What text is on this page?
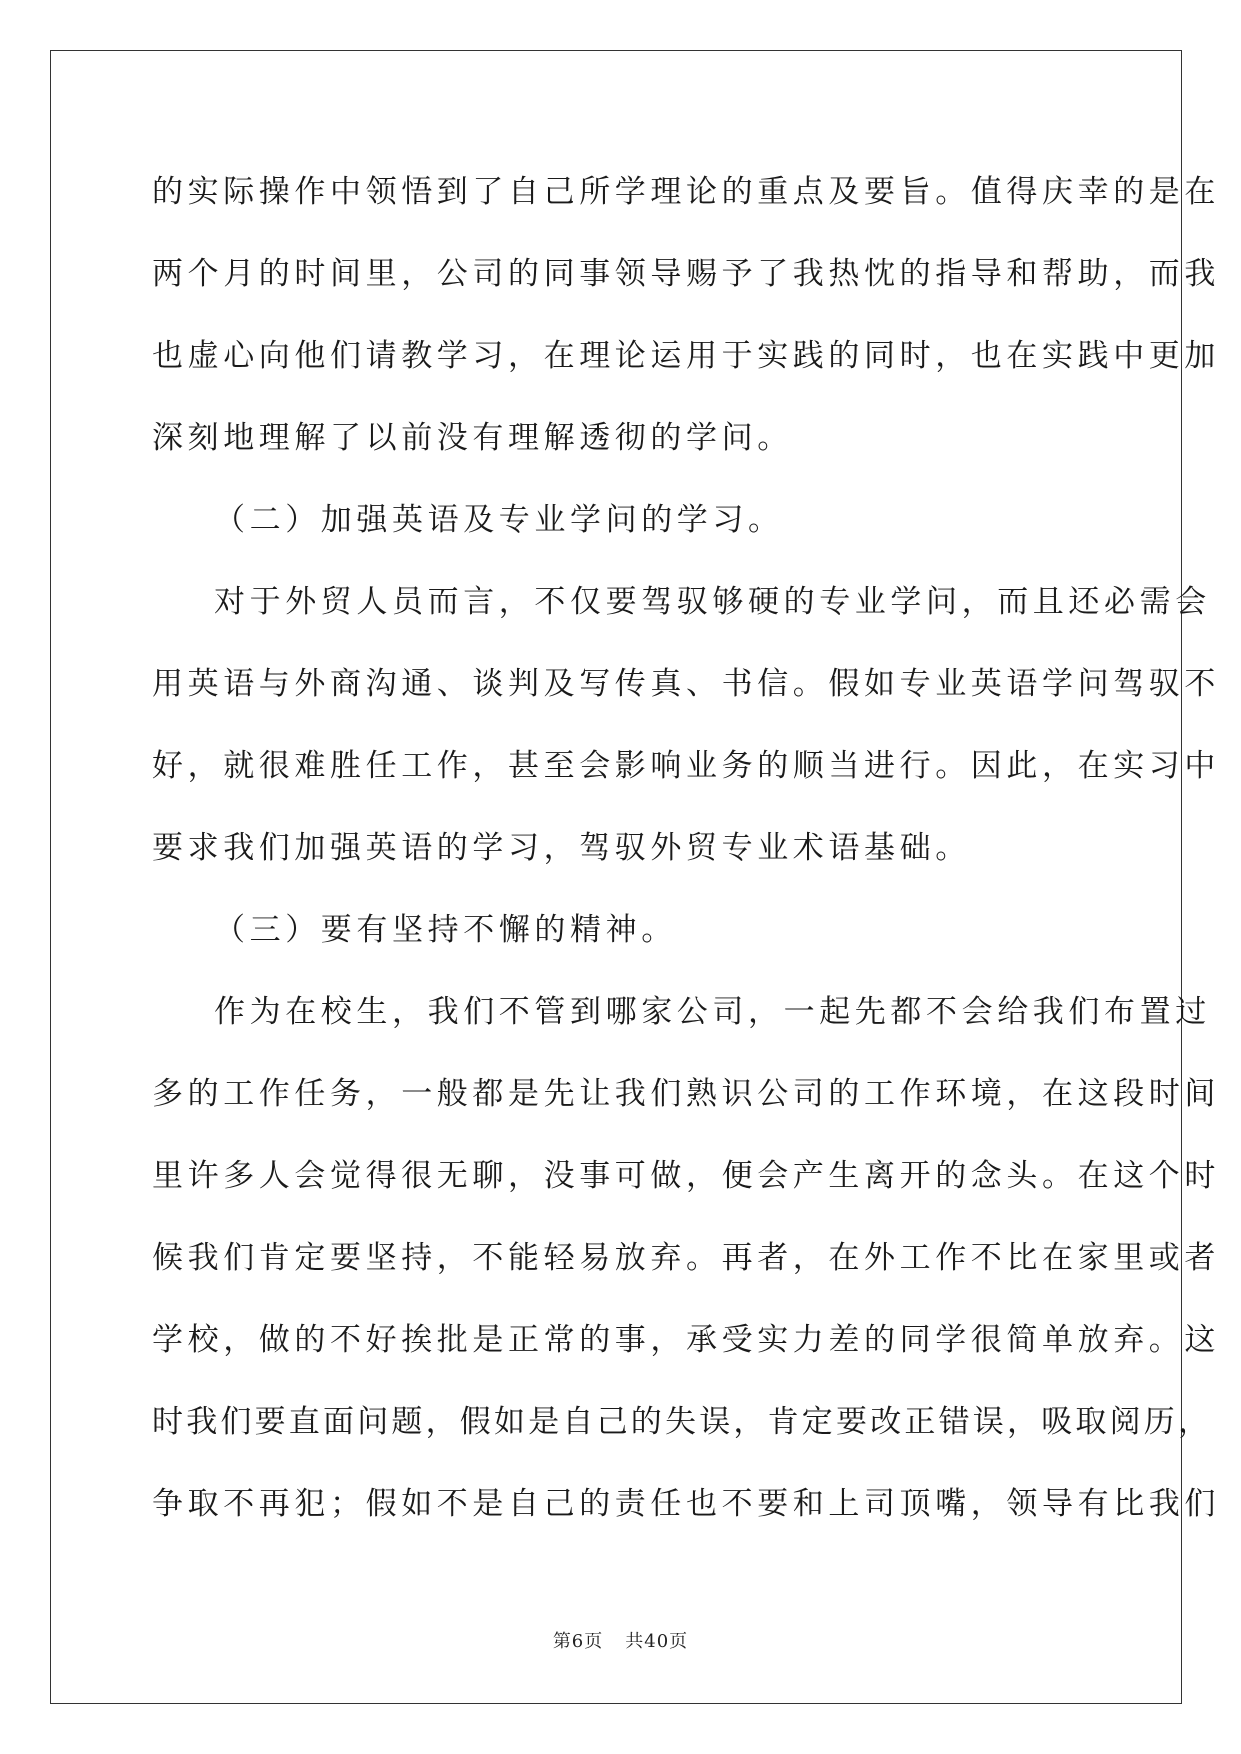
的实际操作中领悟到了自己所学理论的重点及要旨。值得庆幸的是在
两个月的时间里，公司的同事领导赐予了我热忱的指导和帮助，而我
也虚心向他们请教学习，在理论运用于实践的同时，也在实践中更加
深刻地理解了以前没有理解透彻的学问。
（二）加强英语及专业学问的学习。
对于外贸人员而言，不仅要驾驭够硬的专业学问，而且还必需会
用英语与外商沟通、谈判及写传真、书信。假如专业英语学问驾驭不
好，就很难胜任工作，甚至会影响业务的顺当进行。因此，在实习中
要求我们加强英语的学习，驾驭外贸专业术语基础。
（三）要有坚持不懈的精神。
作为在校生，我们不管到哪家公司，一起先都不会给我们布置过
多的工作任务，一般都是先让我们熟识公司的工作环境，在这段时间
里许多人会觉得很无聊，没事可做，便会产生离开的念头。在这个时
候我们肯定要坚持，不能轻易放弃。再者，在外工作不比在家里或者
学校，做的不好挨批是正常的事，承受实力差的同学很简单放弃。这
时我们要直面问题，假如是自己的失误，肯定要改正错误，吸取阅历，
争取不再犯；假如不是自己的责任也不要和上司顶嘴，领导有比我们
第6页 共40页
